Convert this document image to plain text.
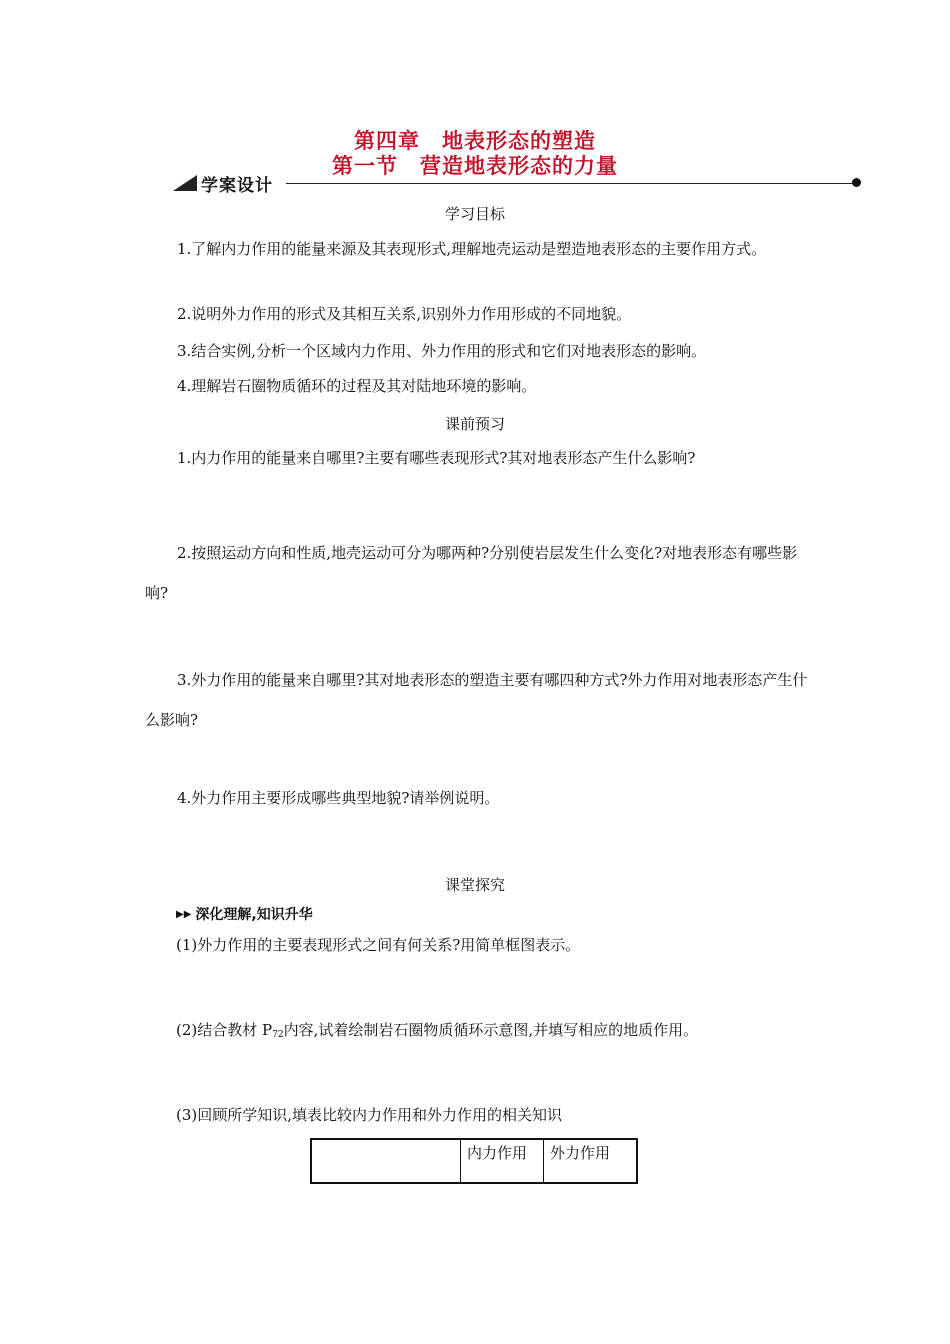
第四章　地表形态的塑造
第一节　营造地表形态的力量
学案设计
学习目标
1.了解内力作用的能量来源及其表现形式,理解地壳运动是塑造地表形态的主要作用方式。
2.说明外力作用的形式及其相互关系,识别外力作用形成的不同地貌。
3.结合实例,分析一个区域内力作用、外力作用的形式和它们对地表形态的影响。
4.理解岩石圈物质循环的过程及其对陆地环境的影响。
课前预习
1.内力作用的能量来自哪里?主要有哪些表现形式?其对地表形态产生什么影响?
2.按照运动方向和性质,地壳运动可分为哪两种?分别使岩层发生什么变化?对地表形态有哪些影响?
3.外力作用的能量来自哪里?其对地表形态的塑造主要有哪四种方式?外力作用对地表形态产生什么影响?
4.外力作用主要形成哪些典型地貌?请举例说明。
课堂探究
▶▶ 深化理解,知识升华
(1)外力作用的主要表现形式之间有何关系?用简单框图表示。
(2)结合教材 $P_{72}$内容,试着绘制岩石圈物质循环示意图,并填写相应的地质作用。
(3)回顾所学知识,填表比较内力作用和外力作用的相关知识
	内力作用	外力作用
